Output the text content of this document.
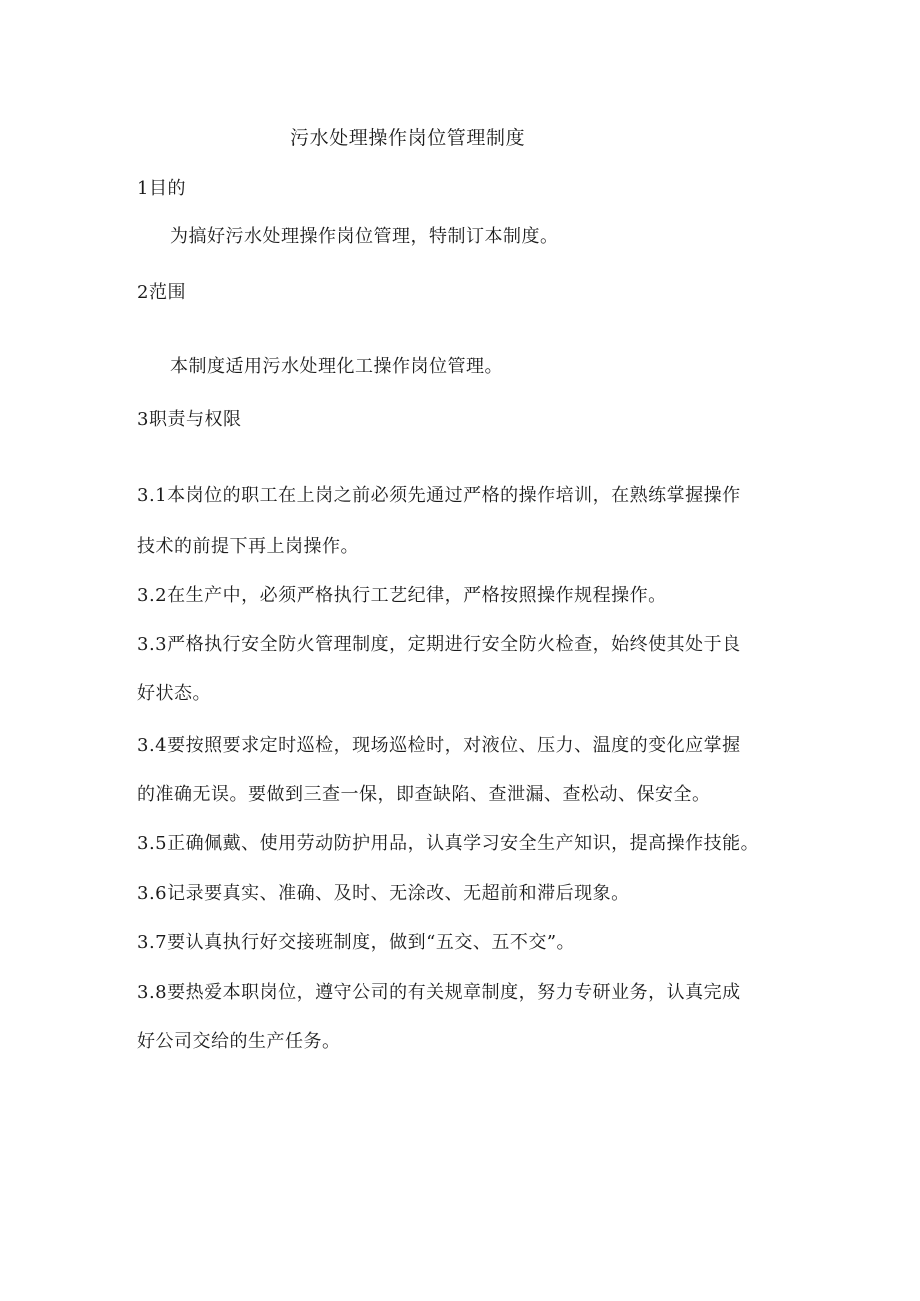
污水处理操作岗位管理制度
1目的
为搞好污水处理操作岗位管理，特制订本制度。
2范围
本制度适用污水处理化工操作岗位管理。
3职责与权限
3.1本岗位的职工在上岗之前必须先通过严格的操作培训，在熟练掌握操作
技术的前提下再上岗操作。
3.2在生产中，必须严格执行工艺纪律，严格按照操作规程操作。
3.3严格执行安全防火管理制度，定期进行安全防火检查，始终使其处于良
好状态。
3.4要按照要求定时巡检，现场巡检时，对液位、压力、温度的变化应掌握
的准确无误。要做到三查一保，即查缺陷、查泄漏、查松动、保安全。
3.5正确佩戴、使用劳动防护用品，认真学习安全生产知识，提高操作技能。
3.6记录要真实、准确、及时、无涂改、无超前和滞后现象。
3.7要认真执行好交接班制度，做到“五交、五不交”。
3.8要热爱本职岗位，遵守公司的有关规章制度，努力专研业务，认真完成
好公司交给的生产任务。
